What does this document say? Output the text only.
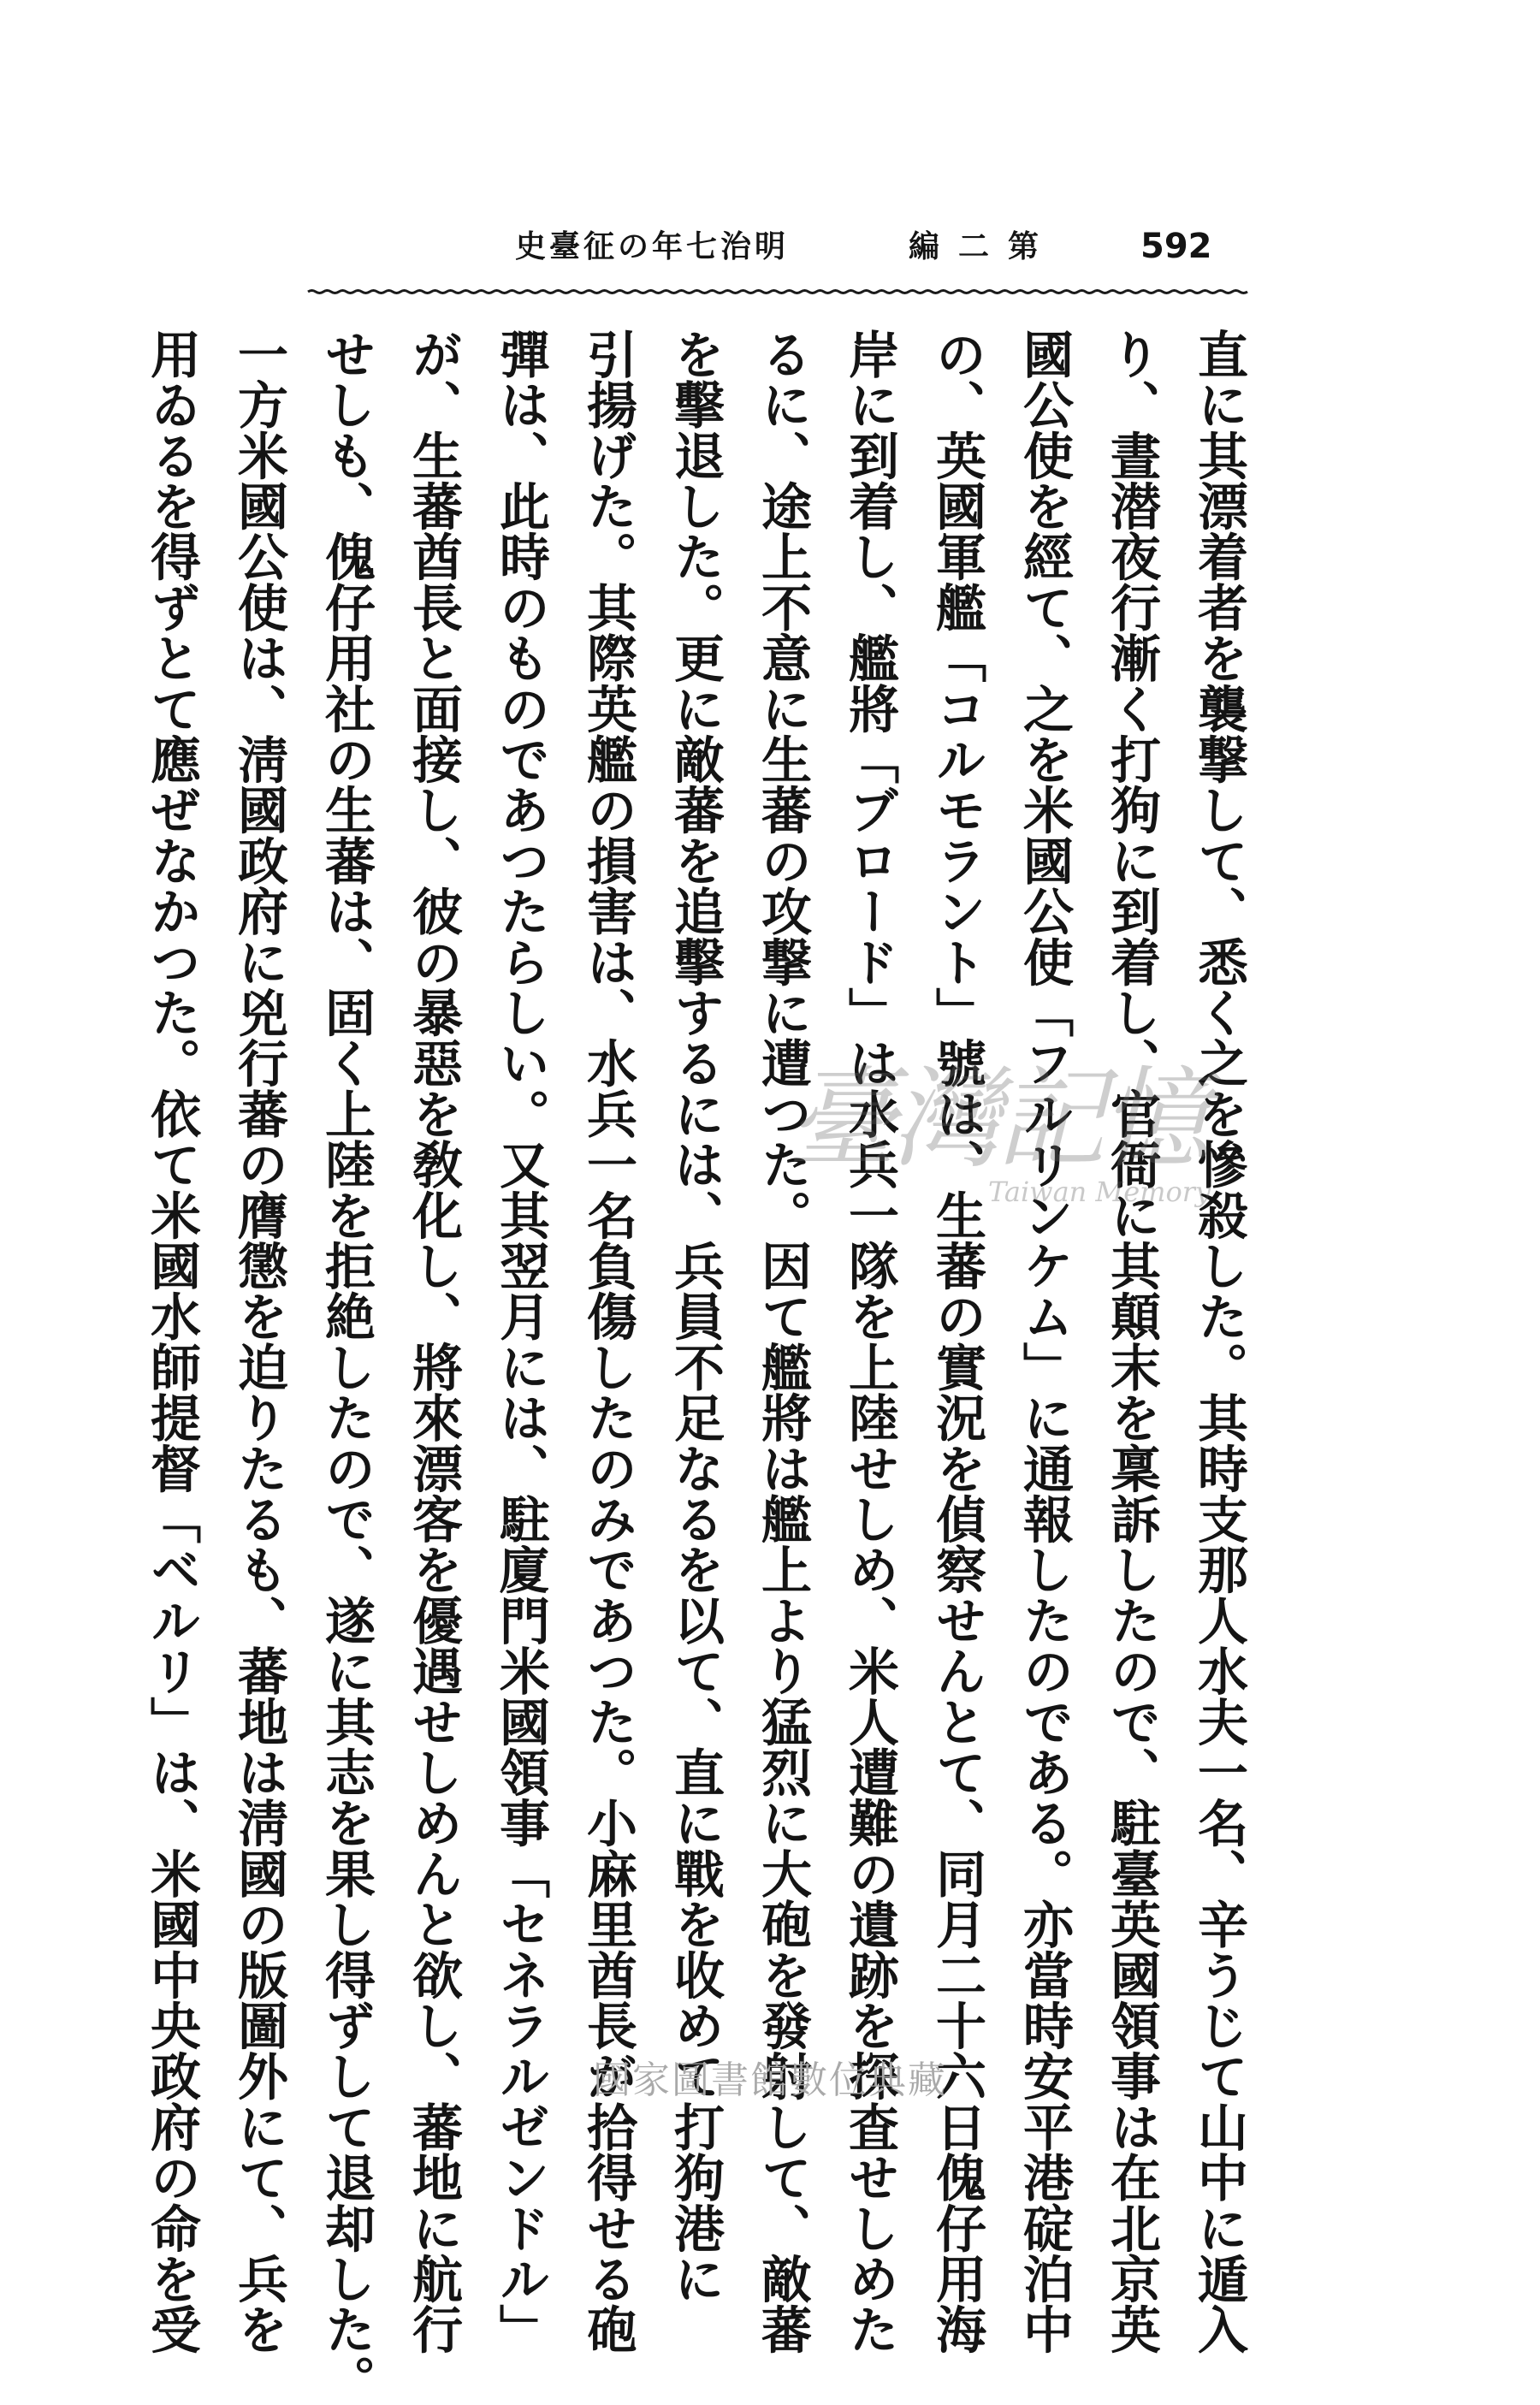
史臺征の年七治明	編二第 592
直に其漂着者を襲撃して、悉く之を慘殺した。其時支那人水夫一名、辛うじて山中に遁入
り、晝潜夜行漸く打狗に到着し、官衙に其顛末を稟訴したので、駐臺英國領事は在北京英
國公使を經て、之を米國公使「フルリンケム」に通報したのである。亦當時安平港碇泊中
の、英國軍艦「コルモラント」號は、生蕃の實況を偵察せんとて、同月二十六日傀仔用海
岸に到着し、艦將「ブロード」は水兵一隊を上陸せしめ、米人遭難の遺跡を探査せしめた
るに、途上不意に生蕃の攻撃に遭つた。因て艦將は艦上より猛烈に大砲を發射して、敵蕃
を擊退した。更に敵蕃を追擊するには、兵員不足なるを以て、直に戰を收めて打狗港に
引揚げた。其際英艦の損害は、水兵一名負傷したのみであつた。小麻里酋長が拾得せる砲
彈は、此時のものであつたらしい。又其翌月には、駐廈門米國領事「セネラルゼンドル」
が、生蕃酋長と面接し、彼の暴惡を敎化し、將來漂客を優遇せしめんと欲し、蕃地に航行
せしも、傀仔用社の生蕃は、固く上陸を拒絶したので、遂に其志を果し得ずして退却した。
一方米國公使は、淸國政府に兇行蕃の膺懲を迫りたるも、蕃地は淸國の版圖外にて、兵を
用ゐるを得ずとて應ぜなかつた。依て米國水師提督「ベルリ」は、米國中央政府の命を受	臺灣記憶
Taiwan Memory
國家圖書館數位典藏
